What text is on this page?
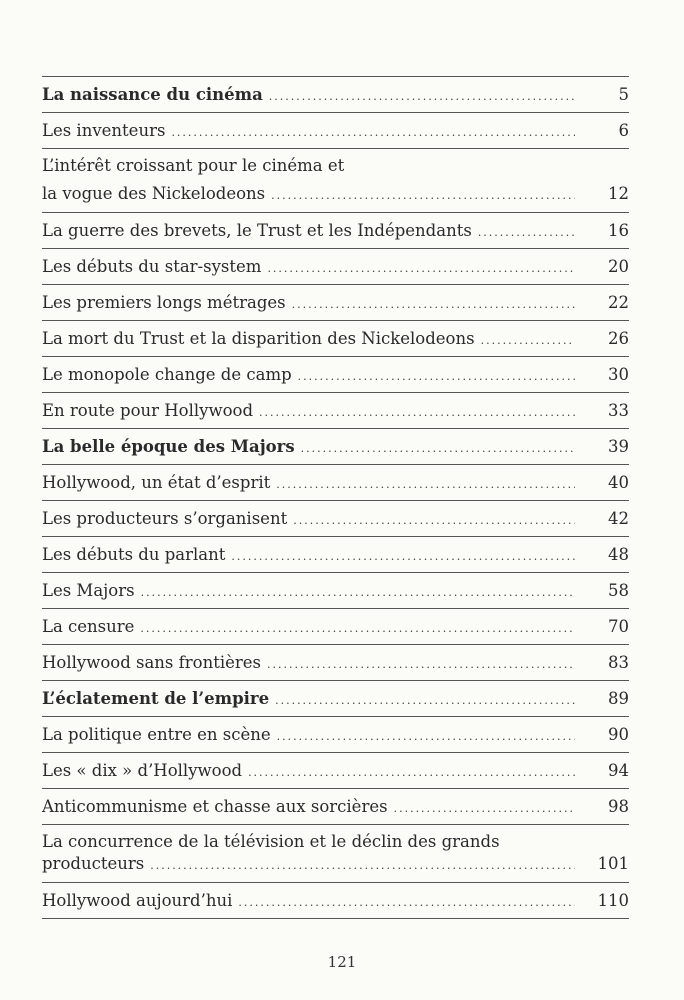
La naissance du cinéma .....	5
Les inventeurs .....	6
L’intérêt croissant pour le cinéma et
la vogue des Nickelodeons .....	12
La guerre des brevets, le Trust et les Indépendants .....	16
Les débuts du star-system .....	20
Les premiers longs métrages .....	22
La mort du Trust et la disparition des Nickelodeons .....	26
Le monopole change de camp .....	30
En route pour Hollywood .....	33
La belle époque des Majors .....	39
Hollywood, un état d’esprit .....	40
Les producteurs s’organisent .....	42
Les débuts du parlant .....	48
Les Majors .....	58
La censure .....	70
Hollywood sans frontières .....	83
L’éclatement de l’empire .....	89
La politique entre en scène .....	90
Les « dix » d’Hollywood .....	94
Anticommunisme et chasse aux sorcières .....	98
La concurrence de la télévision et le déclin des grands
producteurs .....	101
Hollywood aujourd’hui .....	110
121
